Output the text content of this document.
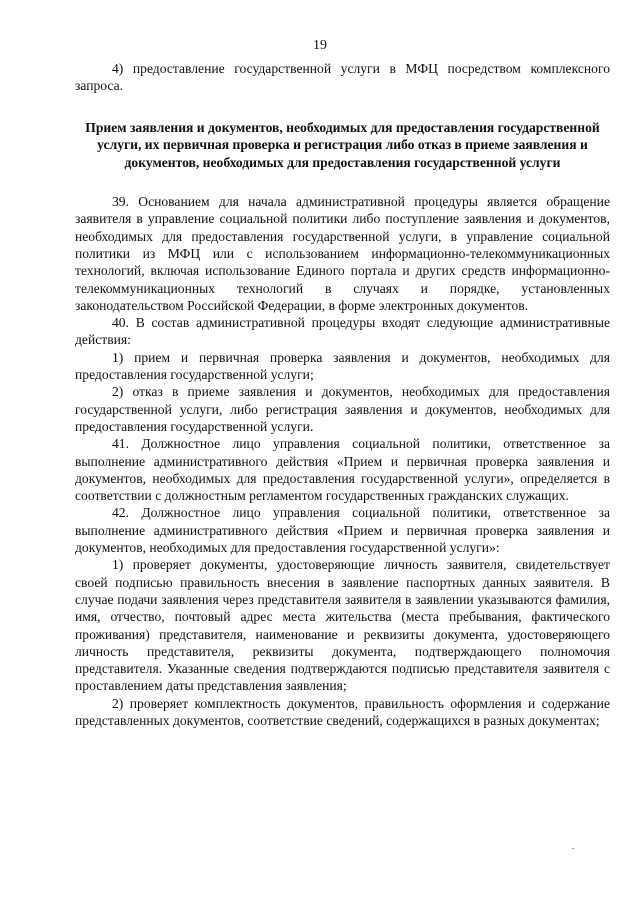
19

4) предоставление государственной услуги в МФЦ посредством комплексного запроса.

Прием заявления и документов, необходимых для предоставления государственной услуги, их первичная проверка и регистрация либо отказ в приеме заявления и документов, необходимых для предоставления государственной услуги

39. Основанием для начала административной процедуры является обращение заявителя в управление социальной политики либо поступление заявления и документов, необходимых для предоставления государственной услуги, в управление социальной политики из МФЦ или с использованием информационно-телекоммуникационных технологий, включая использование Единого портала и других средств информационно-телекоммуникационных технологий в случаях и порядке, установленных законодательством Российской Федерации, в форме электронных документов.

40. В состав административной процедуры входят следующие административные действия:

1) прием и первичная проверка заявления и документов, необходимых для предоставления государственной услуги;

2) отказ в приеме заявления и документов, необходимых для предоставления государственной услуги, либо регистрация заявления и документов, необходимых для предоставления государственной услуги.

41. Должностное лицо управления социальной политики, ответственное за выполнение административного действия «Прием и первичная проверка заявления и документов, необходимых для предоставления государственной услуги», определяется в соответствии с должностным регламентом государственных гражданских служащих.

42. Должностное лицо управления социальной политики, ответственное за выполнение административного действия «Прием и первичная проверка заявления и документов, необходимых для предоставления государственной услуги»:

1) проверяет документы, удостоверяющие личность заявителя, свидетельствует своей подписью правильность внесения в заявление паспортных данных заявителя. В случае подачи заявления через представителя заявителя в заявлении указываются фамилия, имя, отчество, почтовый адрес места жительства (места пребывания, фактического проживания) представителя, наименование и реквизиты документа, удостоверяющего личность представителя, реквизиты документа, подтверждающего полномочия представителя. Указанные сведения подтверждаются подписью представителя заявителя с проставлением даты представления заявления;

2) проверяет комплектность документов, правильность оформления и содержание представленных документов, соответствие сведений, содержащихся в разных документах;
